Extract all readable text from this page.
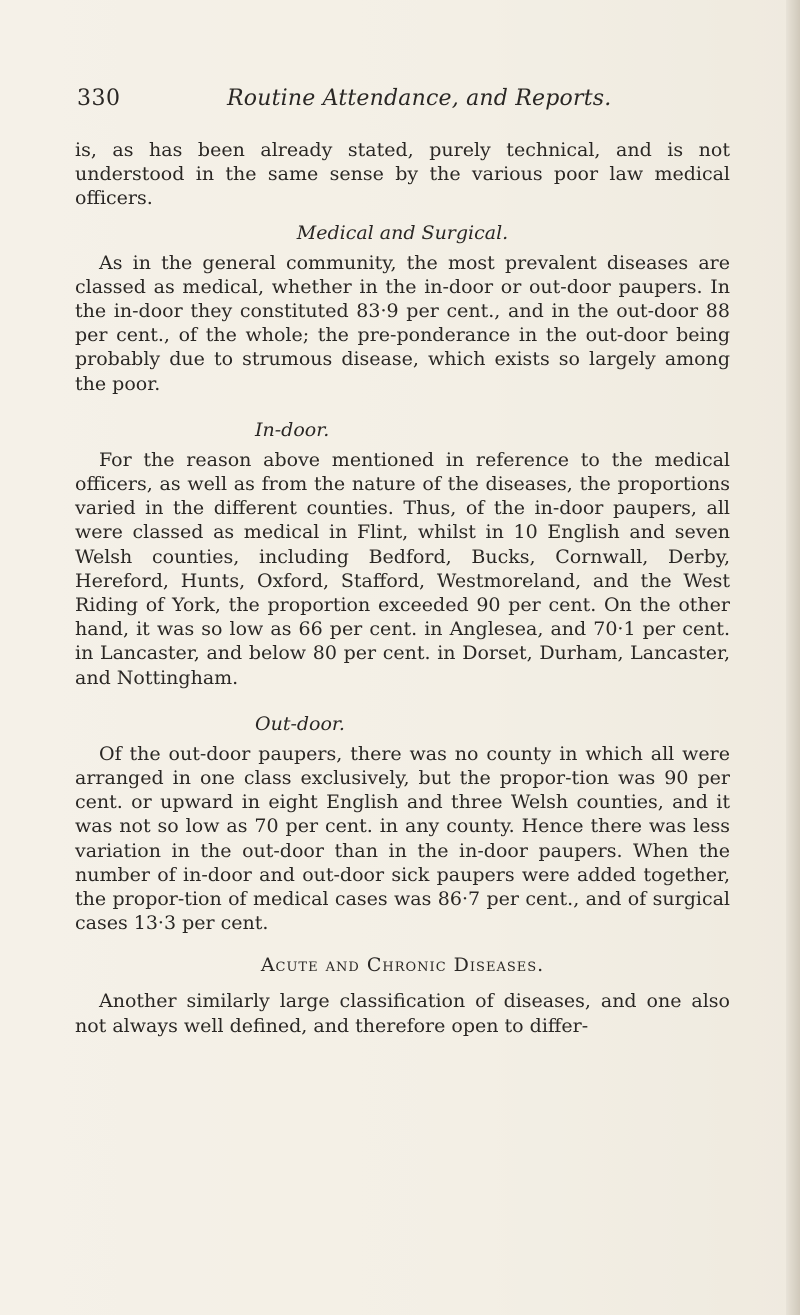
330	Routine Attendance, and Reports.

is, as has been already stated, purely technical, and is not understood in the same sense by the various poor law medical officers.

Medical and Surgical.

As in the general community, the most prevalent diseases are classed as medical, whether in the in-door or out-door paupers. In the in-door they constituted 83·9 per cent., and in the out-door 88 per cent., of the whole; the pre-ponderance in the out-door being probably due to strumous disease, which exists so largely among the poor.

In-door.

For the reason above mentioned in reference to the medical officers, as well as from the nature of the diseases, the proportions varied in the different counties. Thus, of the in-door paupers, all were classed as medical in Flint, whilst in 10 English and seven Welsh counties, including Bedford, Bucks, Cornwall, Derby, Hereford, Hunts, Oxford, Stafford, Westmoreland, and the West Riding of York, the proportion exceeded 90 per cent. On the other hand, it was so low as 66 per cent. in Anglesea, and 70·1 per cent. in Lancaster, and below 80 per cent. in Dorset, Durham, Lancaster, and Nottingham.

Out-door.

Of the out-door paupers, there was no county in which all were arranged in one class exclusively, but the propor-tion was 90 per cent. or upward in eight English and three Welsh counties, and it was not so low as 70 per cent. in any county. Hence there was less variation in the out-door than in the in-door paupers. When the number of in-door and out-door sick paupers were added together, the propor-tion of medical cases was 86·7 per cent., and of surgical cases 13·3 per cent.

Acute and Chronic Diseases.

Another similarly large classification of diseases, and one also not always well defined, and therefore open to differ-
